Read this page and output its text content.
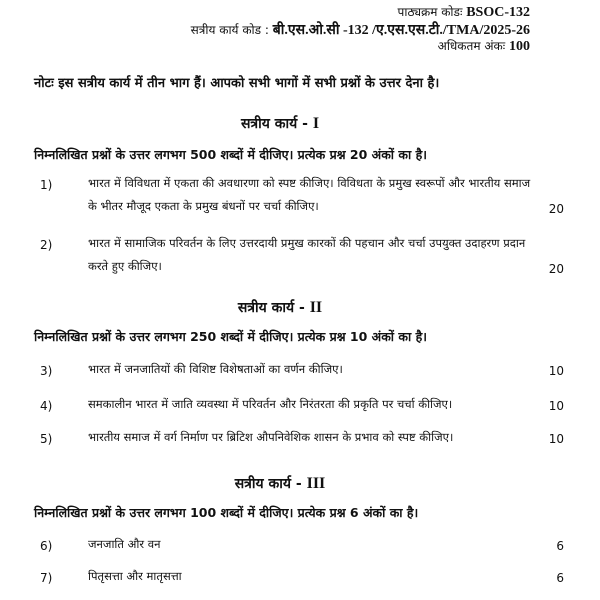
पाठ्यक्रम कोडः BSOC-132
सत्रीय कार्य कोड : बी.एस.ओ.सी -132 /ए.एस.एस.टी./TMA/2025-26
अधिकतम अंकः 100
नोटः इस सत्रीय कार्य में तीन भाग हैं। आपको सभी भागों में सभी प्रश्नों के उत्तर देना है।
सत्रीय कार्य - I
निम्नलिखित प्रश्नों के उत्तर लगभग 500 शब्दों में दीजिए। प्रत्येक प्रश्न 20 अंकों का है।
1)	भारत में विविधता में एकता की अवधारणा को स्पष्ट कीजिए। विविधता के प्रमुख स्वरूपों और भारतीय समाज के भीतर मौजूद एकता के प्रमुख बंधनों पर चर्चा कीजिए।	20
2)	भारत में सामाजिक परिवर्तन के लिए उत्तरदायी प्रमुख कारकों की पहचान और चर्चा उपयुक्त उदाहरण प्रदान करते हुए कीजिए।	20
सत्रीय कार्य - II
निम्नलिखित प्रश्नों के उत्तर लगभग 250 शब्दों में दीजिए। प्रत्येक प्रश्न 10 अंकों का है।
3)	भारत में जनजातियों की विशिष्ट विशेषताओं का वर्णन कीजिए।	10
4)	समकालीन भारत में जाति व्यवस्था में परिवर्तन और निरंतरता की प्रकृति पर चर्चा कीजिए।	10
5)	भारतीय समाज में वर्ग निर्माण पर ब्रिटिश औपनिवेशिक शासन के प्रभाव को स्पष्ट कीजिए।	10
सत्रीय कार्य - III
निम्नलिखित प्रश्नों के उत्तर लगभग 100 शब्दों में दीजिए। प्रत्येक प्रश्न 6 अंकों का है।
6)	जनजाति और वन	6
7)	पितृसत्ता और मातृसत्ता	6
